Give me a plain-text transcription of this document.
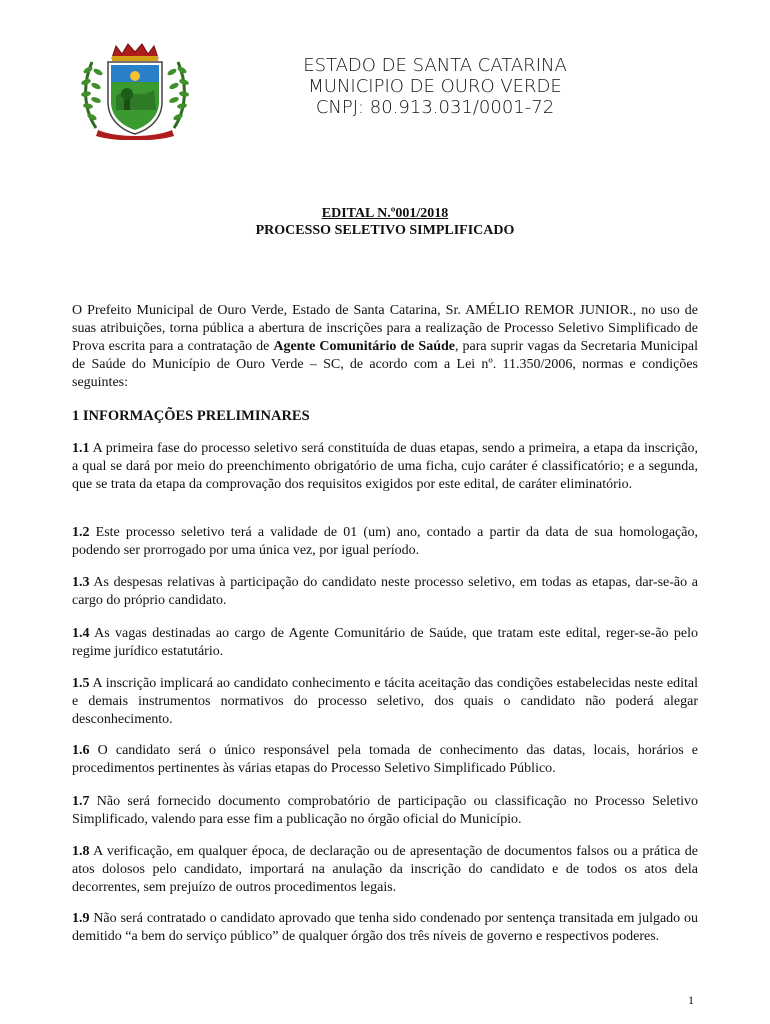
ESTADO DE SANTA CATARINA
MUNICIPIO DE OURO VERDE
CNPJ: 80.913.031/0001-72
EDITAL N.º001/2018
PROCESSO SELETIVO SIMPLIFICADO
O Prefeito Municipal de Ouro Verde, Estado de Santa Catarina, Sr. AMÉLIO REMOR JUNIOR., no uso de suas atribuições, torna pública a abertura de inscrições para a realização de Processo Seletivo Simplificado de Prova escrita para a contratação de Agente Comunitário de Saúde, para suprir vagas da Secretaria Municipal de Saúde do Município de Ouro Verde – SC, de acordo com a Lei nº. 11.350/2006, normas e condições seguintes:
1 INFORMAÇÕES PRELIMINARES
1.1 A primeira fase do processo seletivo será constituída de duas etapas, sendo a primeira, a etapa da inscrição, a qual se dará por meio do preenchimento obrigatório de uma ficha, cujo caráter é classificatório; e a segunda, que se trata da etapa da comprovação dos requisitos exigidos por este edital, de caráter eliminatório.
1.2 Este processo seletivo terá a validade de 01 (um) ano, contado a partir da data de sua homologação, podendo ser prorrogado por uma única vez, por igual período.
1.3 As despesas relativas à participação do candidato neste processo seletivo, em todas as etapas, dar-se-ão a cargo do próprio candidato.
1.4 As vagas destinadas ao cargo de Agente Comunitário de Saúde, que tratam este edital, reger-se-ão pelo regime jurídico estatutário.
1.5 A inscrição implicará ao candidato conhecimento e tácita aceitação das condições estabelecidas neste edital e demais instrumentos normativos do processo seletivo, dos quais o candidato não poderá alegar desconhecimento.
1.6 O candidato será o único responsável pela tomada de conhecimento das datas, locais, horários e procedimentos pertinentes às várias etapas do Processo Seletivo Simplificado Público.
1.7 Não será fornecido documento comprobatório de participação ou classificação no Processo Seletivo Simplificado, valendo para esse fim a publicação no órgão oficial do Município.
1.8 A verificação, em qualquer época, de declaração ou de apresentação de documentos falsos ou a prática de atos dolosos pelo candidato, importará na anulação da inscrição do candidato e de todos os atos dela decorrentes, sem prejuízo de outros procedimentos legais.
1.9 Não será contratado o candidato aprovado que tenha sido condenado por sentença transitada em julgado ou demitido “a bem do serviço público” de qualquer órgão dos três níveis de governo e respectivos poderes.
1
